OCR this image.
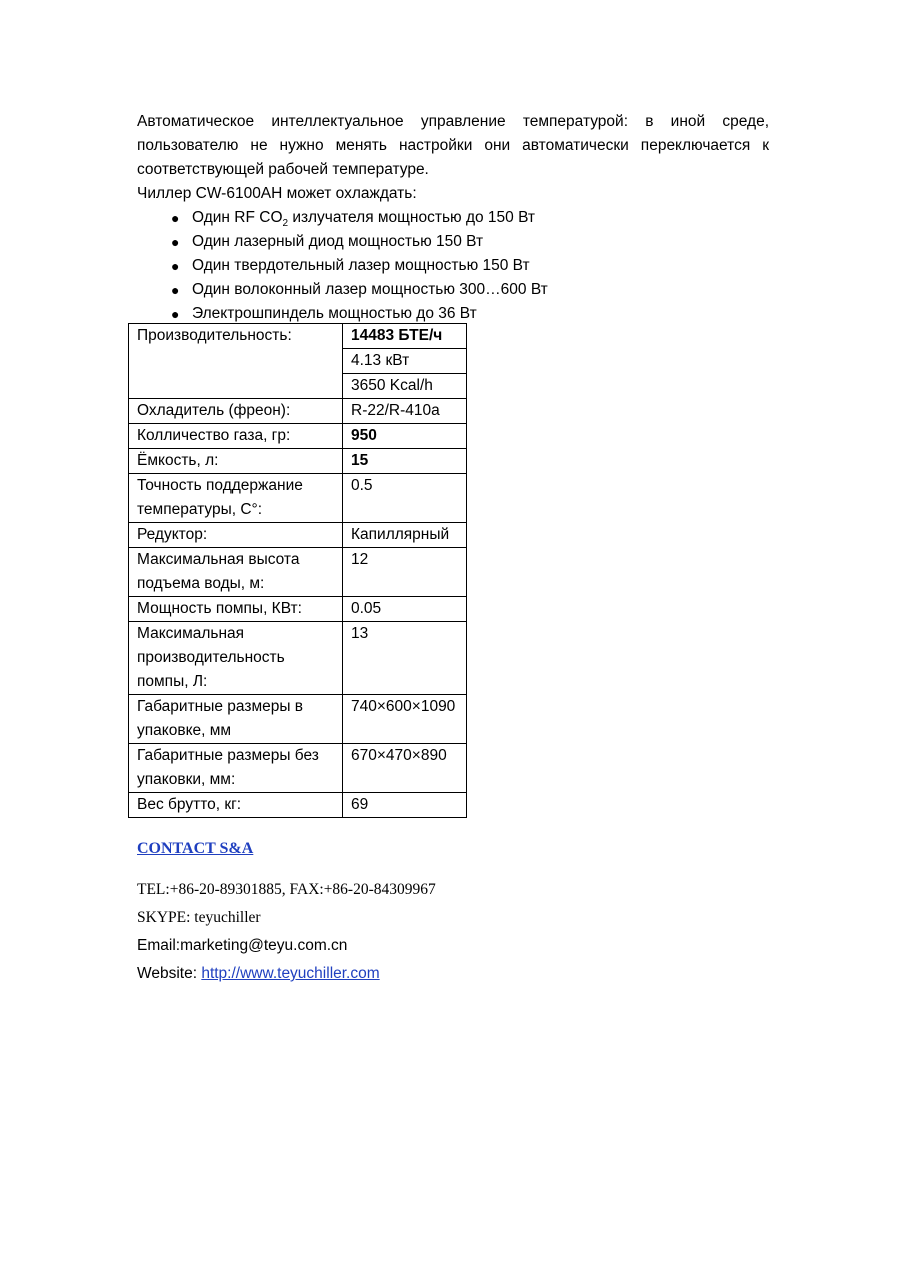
Автоматическое интеллектуальное управление температурой: в иной среде, пользователю не нужно менять настройки они автоматически переключается к соответствующей рабочей температуре.

Чиллер CW-6100AH может охлаждать:

● Один RF $CO_2$ излучателя мощностью до 150 Вт
● Один лазерный диод мощностью 150 Вт
● Один твердотельный лазер мощностью 150 Вт
● Один волоконный лазер мощностью 300…600 Вт
● Электрошпиндель мощностью до 36 Вт
Производительность:	14483 БТЕ/ч
	4.13 кВт
	3650 Kcal/h
Охладитель (фреон):	R-22/R-410a
Колличество газа, гр:	950
Ёмкость, л:	15
Точность поддержание температуры, С°:	0.5
Редуктор:	Капиллярный
Максимальная высота подъема воды, м:	12
Мощность помпы, КВт:	0.05
Максимальная производительность помпы, Л:	13
Габаритные размеры в упаковке, мм	740×600×1090
Габаритные размеры без упаковки, мм:	670×470×890
Вес брутто, кг:	69

CONTACT S&A

TEL:+86-20-89301885, FAX:+86-20-84309967

SKYPE: teyuchiller

Email:marketing@teyu.com.cn

Website: http://www.teyuchiller.com
